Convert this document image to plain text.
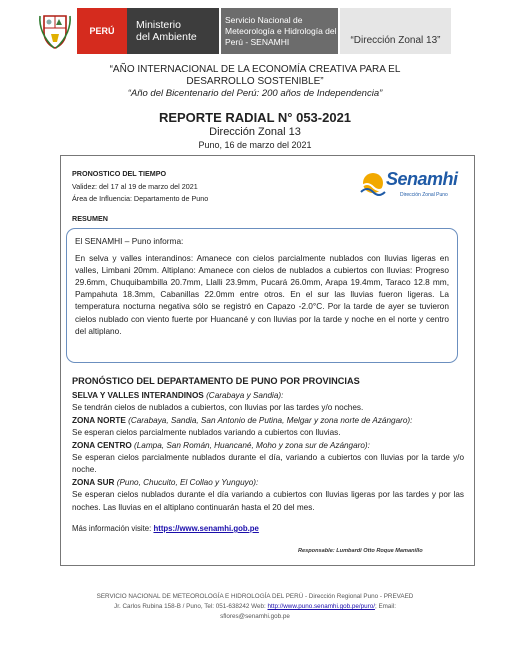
PERÚ	Ministerio
del Ambiente
Servicio Nacional de
Meteorología e Hidrología del
Perú - SENAMHI	“Dirección Zonal 13”
“AÑO INTERNACIONAL DE LA ECONOMÍA CREATIVA PARA EL
DESARROLLO SOSTENIBLE”
“Año del Bicentenario del Perú: 200 años de Independencia”
REPORTE RADIAL N° 053-2021
Dirección Zonal 13
Puno, 16 de marzo del 2021
PRONOSTICO DEL TIEMPO
Validez: del 17 al 19 de marzo del 2021
Área de Influencia: Departamento de Puno
RESUMEN
Senamhi
Dirección Zonal Puno
El SENAMHI – Puno informa:
En selva y valles interandinos: Amanece con cielos parcialmente nublados con lluvias ligeras en valles, Limbani 20mm. Altiplano: Amanece con cielos de nublados a cubiertos con lluvias: Progreso 29.6mm, Chuquibambilla 20.7mm, Llalli 23.9mm, Pucará 26.0mm, Arapa 19.4mm, Taraco 12.8 mm, Pampahuta 18.3mm, Cabanillas 22.0mm entre otros. En el sur las lluvias fueron ligeras. La temperatura nocturna negativa sólo se registró en Capazo -2.0°C. Por la tarde de ayer se tuvieron cielos nublado con viento fuerte por Huancané y con lluvias por la tarde y noche en el norte y centro del altiplano.
PRONÓSTICO DEL DEPARTAMENTO DE PUNO POR PROVINCIAS
SELVA Y VALLES INTERANDINOS (Carabaya y Sandia):
Se tendrán cielos de nublados a cubiertos, con lluvias por las tardes y/o noches.
ZONA NORTE (Carabaya, Sandia, San Antonio de Putina, Melgar y zona norte de Azángaro):
Se esperan cielos parcialmente nublados variando a cubiertos con lluvias.
ZONA CENTRO (Lampa, San Román, Huancané, Moho y zona sur de Azángaro):
Se esperan cielos parcialmente nublados durante el día, variando a cubiertos con lluvias por la tarde y/o noche.
ZONA SUR (Puno, Chucuito, El Collao y Yunguyo):
Se esperan cielos nublados durante el día variando a cubiertos con lluvias ligeras por las tardes y por las noches. Las lluvias en el altiplano continuarán hasta el 20 del mes.
Más información visite: https://www.senamhi.gob.pe
Responsable: Lumbardi Otto Roque Mamanillo
SERVICIO NACIONAL DE METEOROLOGÍA E HIDROLOGÍA DEL PERÚ - Dirección Regional Puno - PREVAED
Jr. Carlos Rubina 158-B / Puno, Tel: 051-638242 Web: http://www.puno.senamhi.gob.pe/puro/; Email:
sflores@senamhi.gob.pe
